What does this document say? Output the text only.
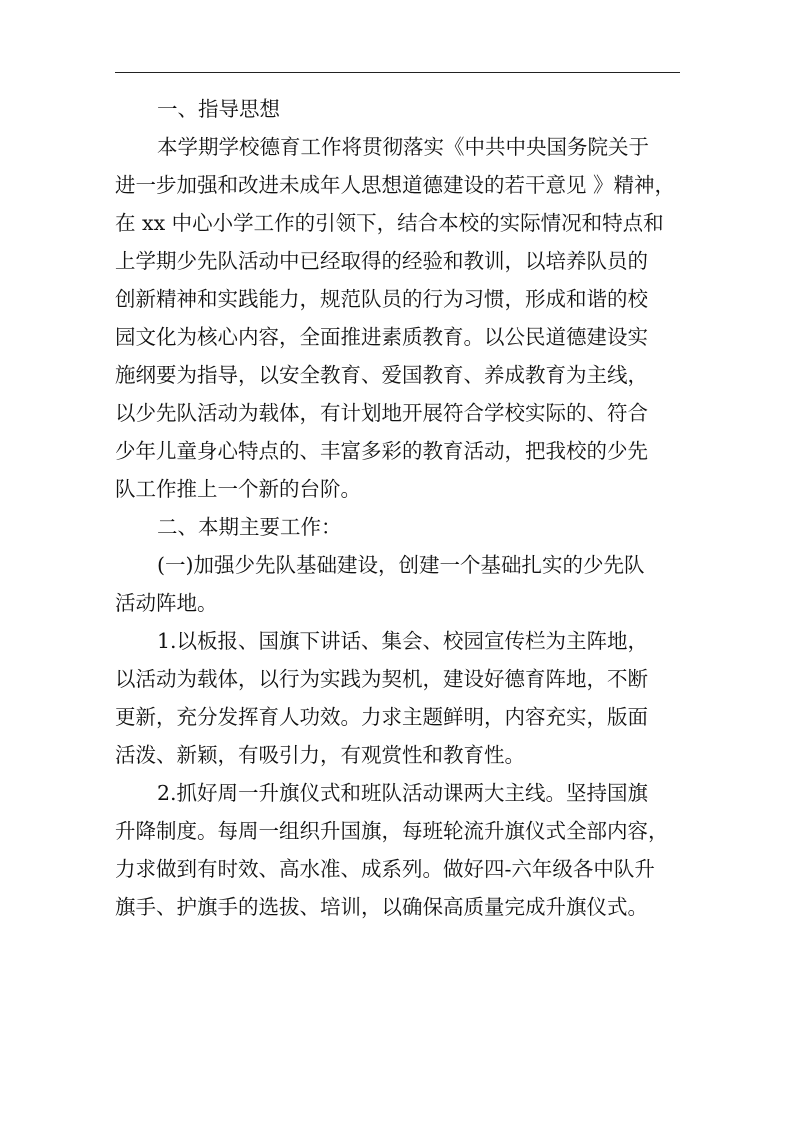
一、指导思想
本学期学校德育工作将贯彻落实《中共中央国务院关于
进一步加强和改进未成年人思想道德建设的若干意见 》精神，
在 xx 中心小学工作的引领下，结合本校的实际情况和特点和
上学期少先队活动中已经取得的经验和教训，以培养队员的
创新精神和实践能力，规范队员的行为习惯，形成和谐的校
园文化为核心内容，全面推进素质教育。以公民道德建设实
施纲要为指导，以安全教育、爱国教育、养成教育为主线，
以少先队活动为载体，有计划地开展符合学校实际的、符合
少年儿童身心特点的、丰富多彩的教育活动，把我校的少先
队工作推上一个新的台阶。
二、本期主要工作：
(一)加强少先队基础建设，创建一个基础扎实的少先队
活动阵地。
1.以板报、国旗下讲话、集会、校园宣传栏为主阵地，
以活动为载体，以行为实践为契机，建设好德育阵地，不断
更新，充分发挥育人功效。力求主题鲜明，内容充实，版面
活泼、新颖，有吸引力，有观赏性和教育性。
2.抓好周一升旗仪式和班队活动课两大主线。坚持国旗
升降制度。每周一组织升国旗，每班轮流升旗仪式全部内容，
力求做到有时效、高水准、成系列。做好四-六年级各中队升
旗手、护旗手的选拔、培训，以确保高质量完成升旗仪式。
